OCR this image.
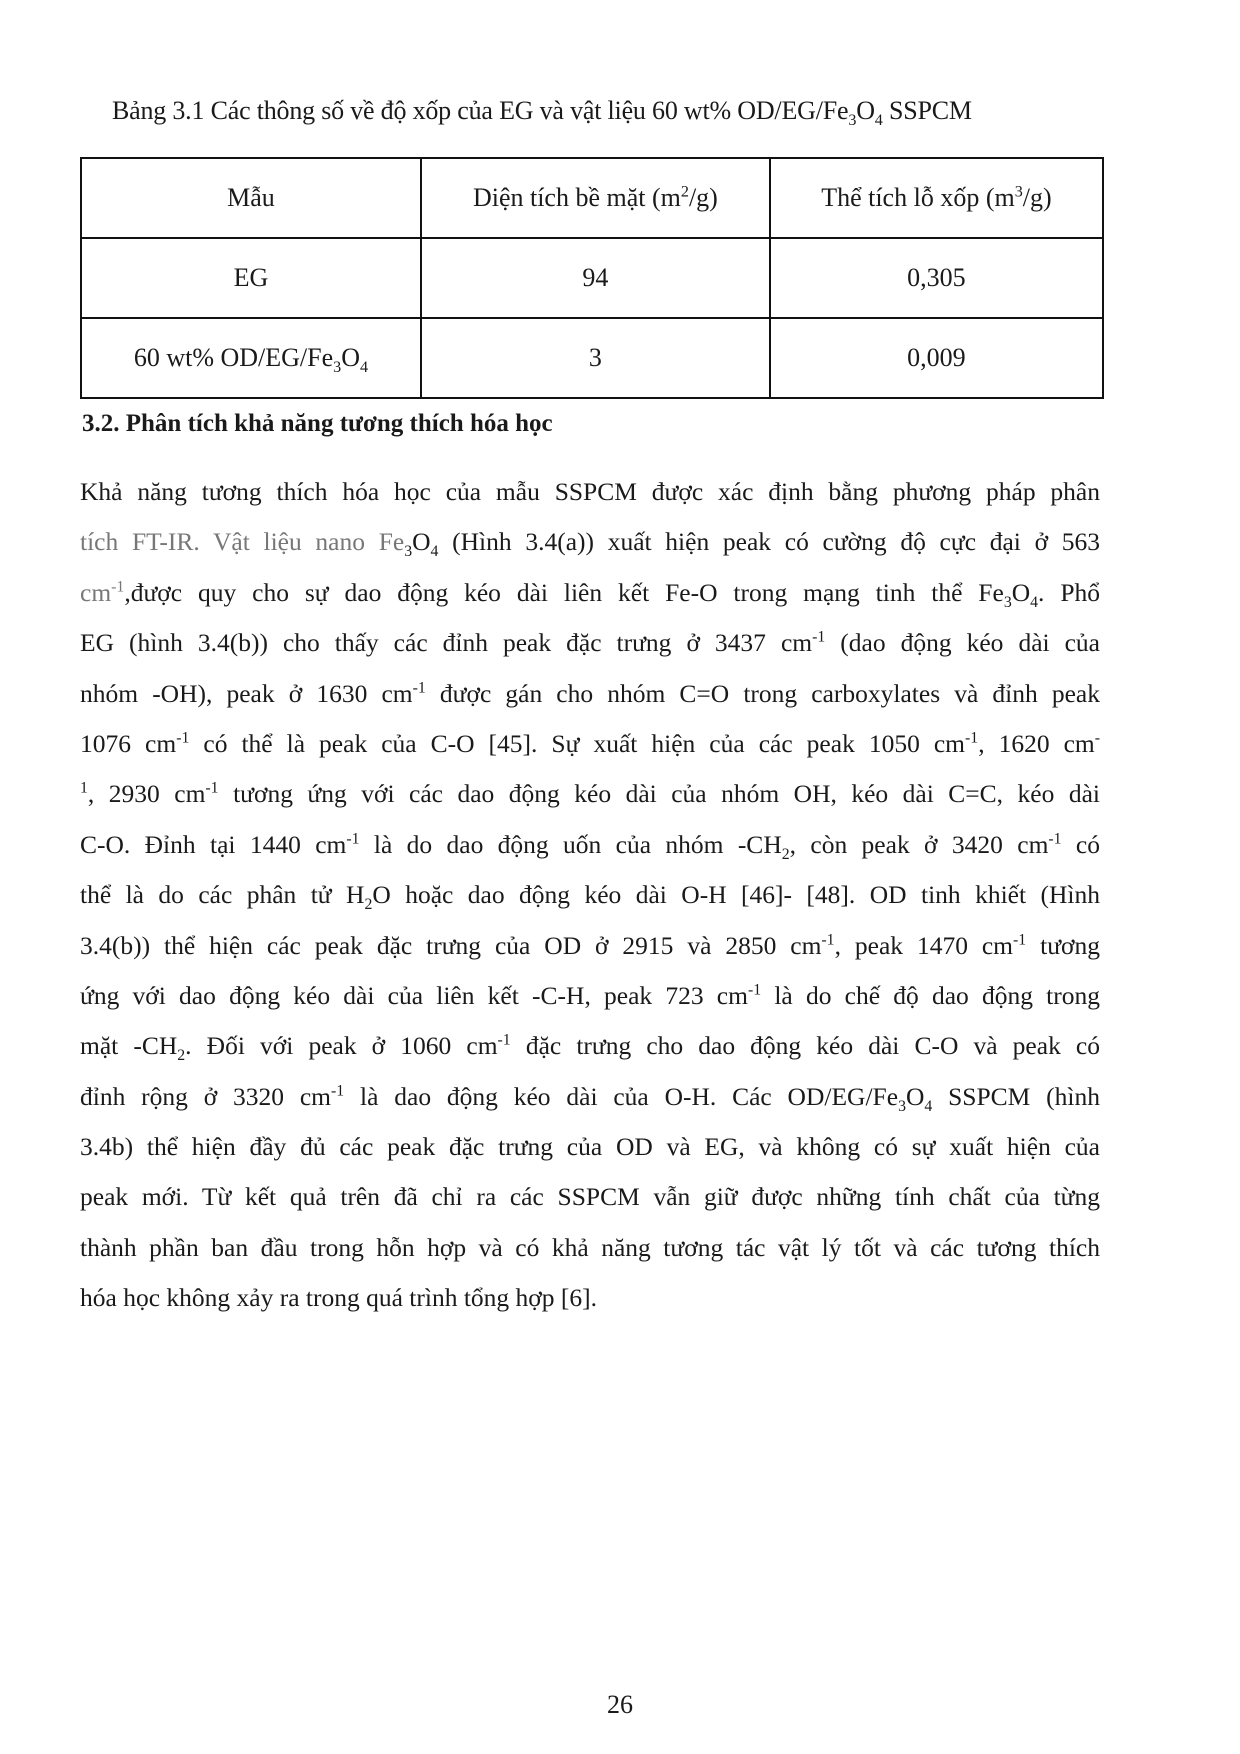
Bảng 3.1 Các thông số về độ xốp của EG và vật liệu 60 wt% $OD/EG/Fe_3O_4$ SSPCM
Mẫu	Diện tích bề mặt $(m^2/g)$	Thể tích lỗ xốp $(m^3/g)$
EG	94	0,305
60 wt% $OD/EG/Fe_3O_4$	3	0,009
3.2. Phân tích khả năng tương thích hóa học
Khả năng tương thích hóa học của mẫu SSPCM được xác định bằng phương pháp phân
tích FT-IR. Vật liệu nano $Fe_3O_4$ (Hình 3.4(a)) xuất hiện peak có cường độ cực đại ở 563
$cm^{-1},được$ quy cho sự dao động kéo dài liên kết Fe-O trong mạng tinh thể $Fe_3O_4$. Phổ
EG (hình 3.4(b)) cho thấy các đỉnh peak đặc trưng ở 3437 $cm^{-1}$ (dao động kéo dài của
nhóm -OH), peak ở 1630 $cm^{-1}$ được gán cho nhóm C=O trong carboxylates và đỉnh peak
1076 $cm^{-1}$ có thể là peak của C-O [45]. Sự xuất hiện của các peak 1050 $cm^{-1}$, 1620 cm-
$^1$, 2930 $cm^{-1}$ tương ứng với các dao động kéo dài của nhóm OH, kéo dài C=C, kéo dài
C-O. Đỉnh tại 1440 $cm^{-1}$ là do dao động uốn của nhóm $-CH_2$, còn peak ở 3420 $cm^{-1}$ có
thể là do các phân tử $H_2O$ hoặc dao động kéo dài O-H [46]- [48]. OD tinh khiết (Hình
3.4(b)) thể hiện các peak đặc trưng của OD ở 2915 và 2850 $cm^{-1}$, peak 1470 $cm^{-1}$ tương
ứng với dao động kéo dài của liên kết -C-H, peak 723 $cm^{-1}$ là do chế độ dao động trong
mặt $-CH_2$. Đối với peak ở 1060 $cm^{-1}$ đặc trưng cho dao động kéo dài C-O và peak có
đỉnh rộng ở 3320 $cm^{-1}$ là dao động kéo dài của O-H. Các $OD/EG/Fe_3O_4$ SSPCM (hình
3.4b) thể hiện đầy đủ các peak đặc trưng của OD và EG, và không có sự xuất hiện của
peak mới. Từ kết quả trên đã chỉ ra các SSPCM vẫn giữ được những tính chất của từng
thành phần ban đầu trong hỗn hợp và có khả năng tương tác vật lý tốt và các tương thích
hóa học không xảy ra trong quá trình tổng hợp [6].
26
